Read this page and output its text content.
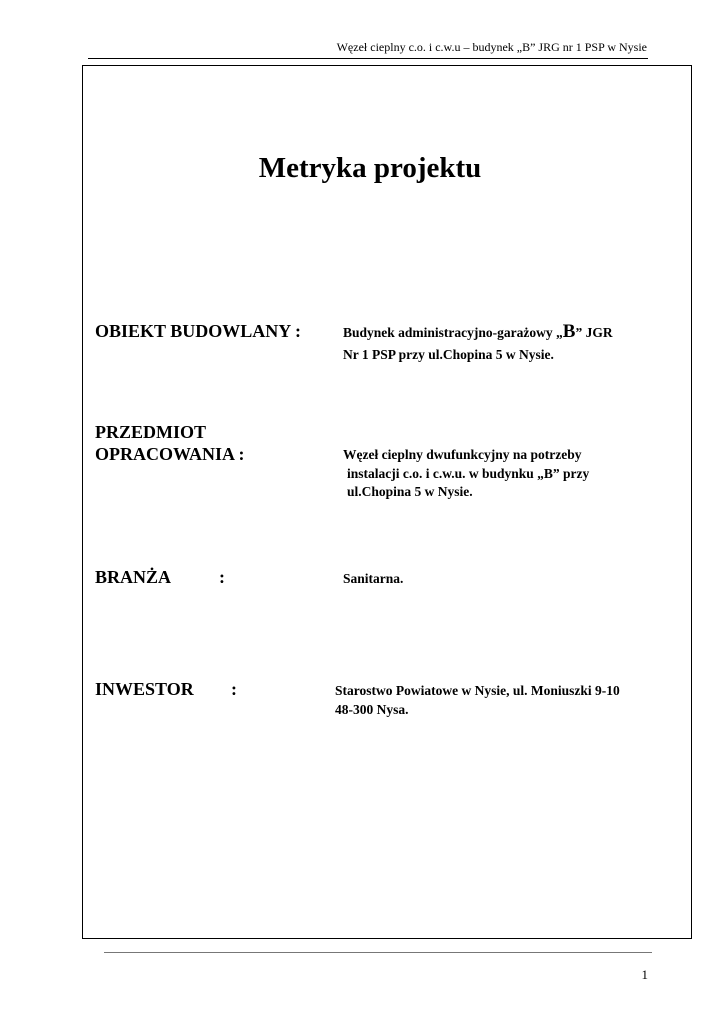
Węzeł cieplny c.o. i c.w.u – budynek „B” JRG nr 1 PSP w Nysie
Metryka projektu
OBIEKT BUDOWLANY :	Budynek administracyjno-garażowy „B” JGR
Nr 1 PSP przy ul.Chopina 5 w Nysie.
PRZEDMIOT
OPRACOWANIA :	Węzeł cieplny dwufunkcyjny na potrzeby
instalacji c.o. i c.w.u. w budynku „B” przy
ul.Chopina 5 w Nysie.
BRANŻA	:	Sanitarna.
INWESTOR :	Starostwo Powiatowe w Nysie, ul. Moniuszki 9-10
48-300 Nysa.
1
